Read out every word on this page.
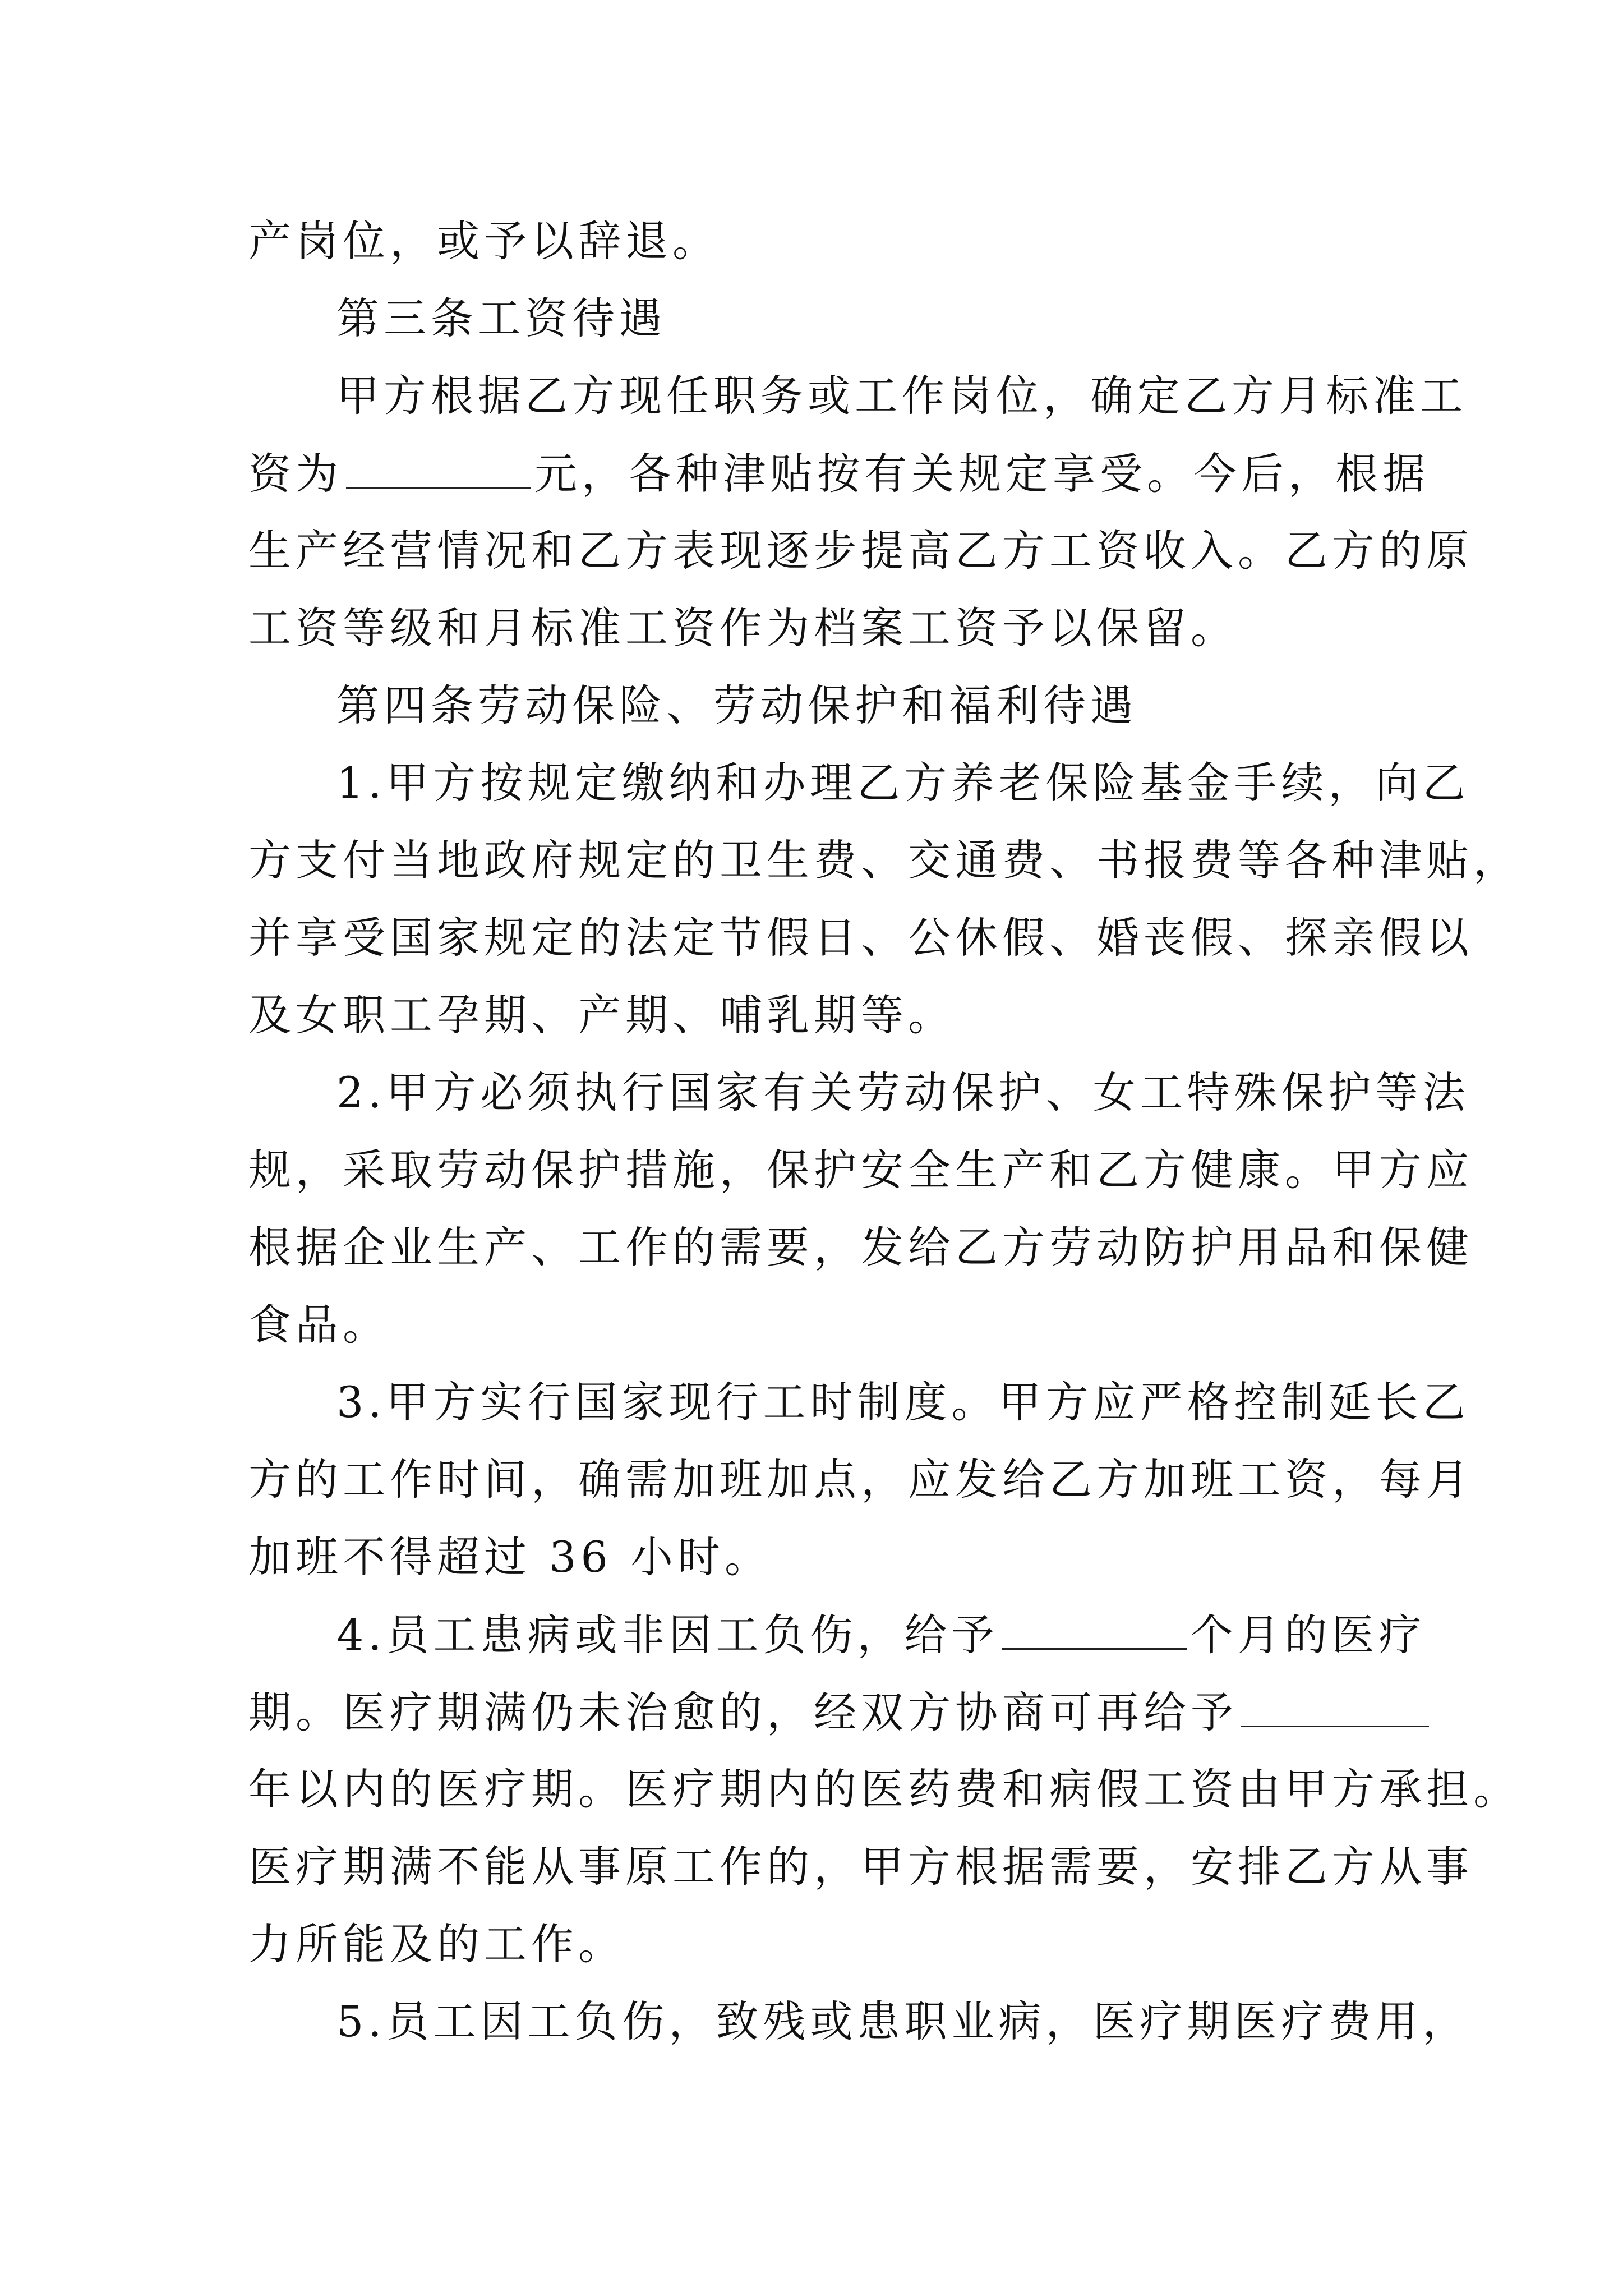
产岗位，或予以辞退。
第三条工资待遇
甲方根据乙方现任职务或工作岗位，确定乙方月标准工
资为	元，各种津贴按有关规定享受。今后，根据
生产经营情况和乙方表现逐步提高乙方工资收入。乙方的原
工资等级和月标准工资作为档案工资予以保留。
第四条劳动保险、劳动保护和福利待遇
1.甲方按规定缴纳和办理乙方养老保险基金手续，向乙
方支付当地政府规定的卫生费、交通费、书报费等各种津贴，
并享受国家规定的法定节假日、公休假、婚丧假、探亲假以
及女职工孕期、产期、哺乳期等。
2.甲方必须执行国家有关劳动保护、女工特殊保护等法
规，采取劳动保护措施，保护安全生产和乙方健康。甲方应
根据企业生产、工作的需要，发给乙方劳动防护用品和保健
食品。
3.甲方实行国家现行工时制度。甲方应严格控制延长乙
方的工作时间，确需加班加点，应发给乙方加班工资，每月
加班不得超过 36 小时。
4.员工患病或非因工负伤，给予	个月的医疗
期。医疗期满仍未治愈的，经双方协商可再给予
年以内的医疗期。医疗期内的医药费和病假工资由甲方承担。
医疗期满不能从事原工作的，甲方根据需要，安排乙方从事
力所能及的工作。
5.员工因工负伤，致残或患职业病，医疗期医疗费用，
